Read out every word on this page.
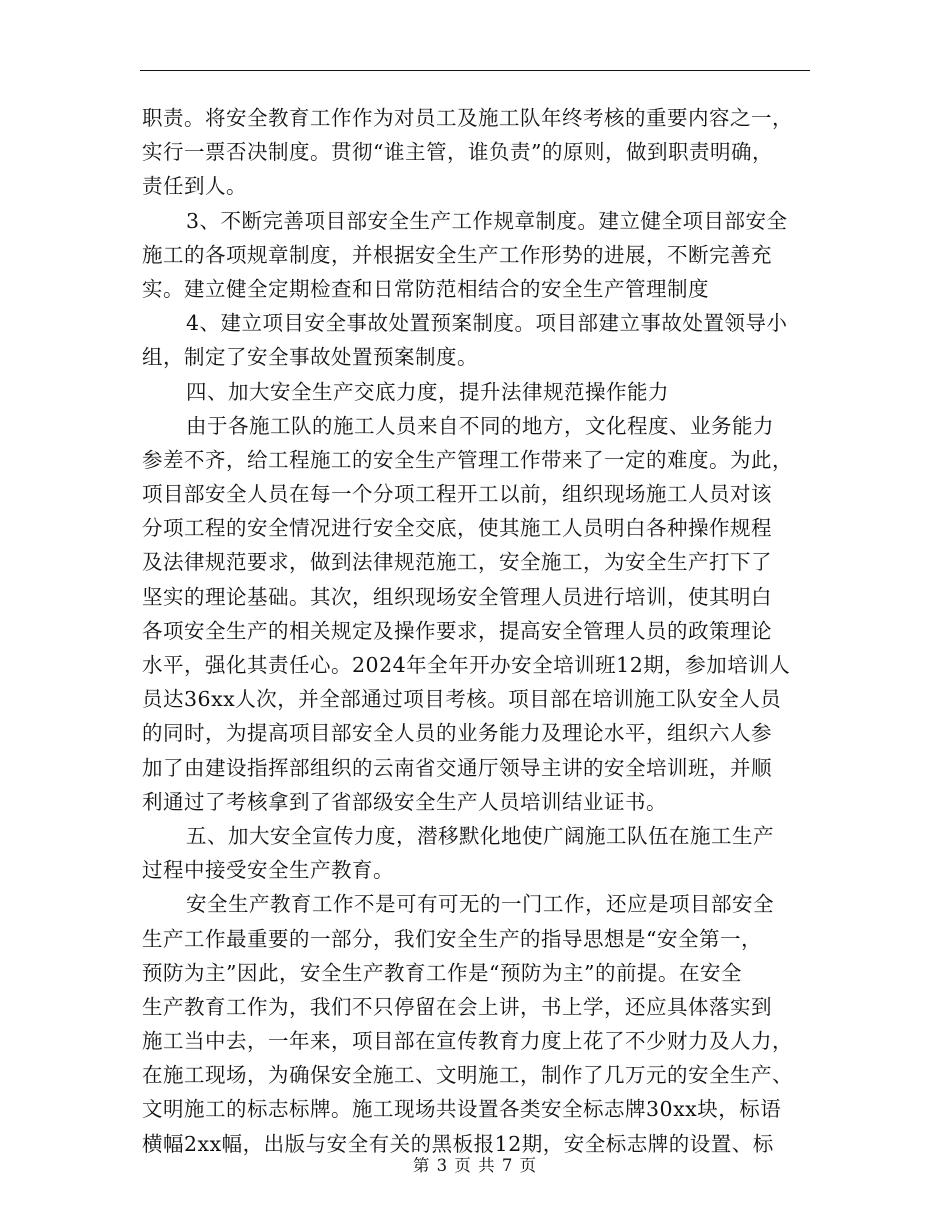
职责。将安全教育工作作为对员工及施工队年终考核的重要内容之一，
实行一票否决制度。贯彻“谁主管，谁负责”的原则，做到职责明确，
责任到人。
3、不断完善项目部安全生产工作规章制度。建立健全项目部安全
施工的各项规章制度，并根据安全生产工作形势的进展，不断完善充
实。建立健全定期检查和日常防范相结合的安全生产管理制度
4、建立项目安全事故处置预案制度。项目部建立事故处置领导小
组，制定了安全事故处置预案制度。
四、加大安全生产交底力度，提升法律规范操作能力
由于各施工队的施工人员来自不同的地方，文化程度、业务能力
参差不齐，给工程施工的安全生产管理工作带来了一定的难度。为此，
项目部安全人员在每一个分项工程开工以前，组织现场施工人员对该
分项工程的安全情况进行安全交底，使其施工人员明白各种操作规程
及法律规范要求，做到法律规范施工，安全施工，为安全生产打下了
坚实的理论基础。其次，组织现场安全管理人员进行培训，使其明白
各项安全生产的相关规定及操作要求，提高安全管理人员的政策理论
水平，强化其责任心。2024年全年开办安全培训班12期，参加培训人
员达36xx人次，并全部通过项目考核。项目部在培训施工队安全人员
的同时，为提高项目部安全人员的业务能力及理论水平，组织六人参
加了由建设指挥部组织的云南省交通厅领导主讲的安全培训班，并顺
利通过了考核拿到了省部级安全生产人员培训结业证书。
五、加大安全宣传力度，潜移默化地使广阔施工队伍在施工生产
过程中接受安全生产教育。
安全生产教育工作不是可有可无的一门工作，还应是项目部安全
生产工作最重要的一部分，我们安全生产的指导思想是“安全第一，
预防为主”因此，安全生产教育工作是“预防为主”的前提。在安全
生产教育工作为，我们不只停留在会上讲，书上学，还应具体落实到
施工当中去，一年来，项目部在宣传教育力度上花了不少财力及人力，
在施工现场，为确保安全施工、文明施工，制作了几万元的安全生产、
文明施工的标志标牌。施工现场共设置各类安全标志牌30xx块，标语
横幅2xx幅，出版与安全有关的黑板报12期，安全标志牌的设置、标
第 3 页 共 7 页
